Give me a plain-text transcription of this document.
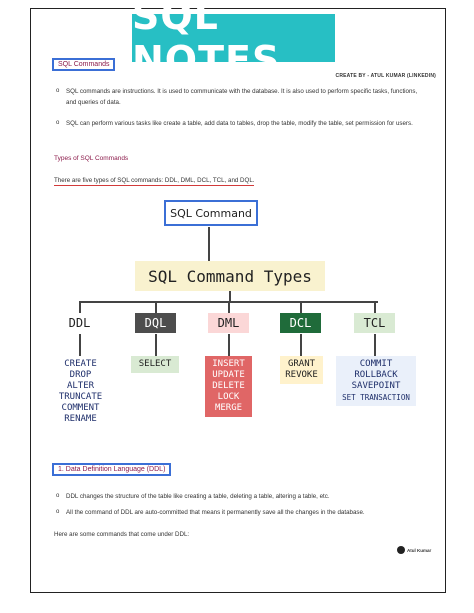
SQL NOTES	CREATE BY - ATUL KUMAR (LINKEDIN)
SQL Commands
o SQL commands are instructions. It is used to communicate with the database. It is also used to perform specific tasks, functions, and queries of data.
o SQL can perform various tasks like create a table, add data to tables, drop the table, modify the table, set permission for users.
Types of SQL Commands
There are five types of SQL commands: DDL, DML, DCL, TCL, and DQL.
SQL Command
SQL Command Types
DDL
CREATE
DROP
ALTER
TRUNCATE
COMMENT
RENAME
DQL
SELECT
DML
INSERT
UPDATE
DELETE
LOCK
MERGE
DCL
GRANT
REVOKE
TCL
COMMIT
ROLLBACK
SAVEPOINT
SET TRANSACTION
1. Data Definition Language (DDL)
o DDL changes the structure of the table like creating a table, deleting a table, altering a table, etc.
o All the command of DDL are auto-committed that means it permanently save all the changes in the database.
Here are some commands that come under DDL:
Atul Kumar
